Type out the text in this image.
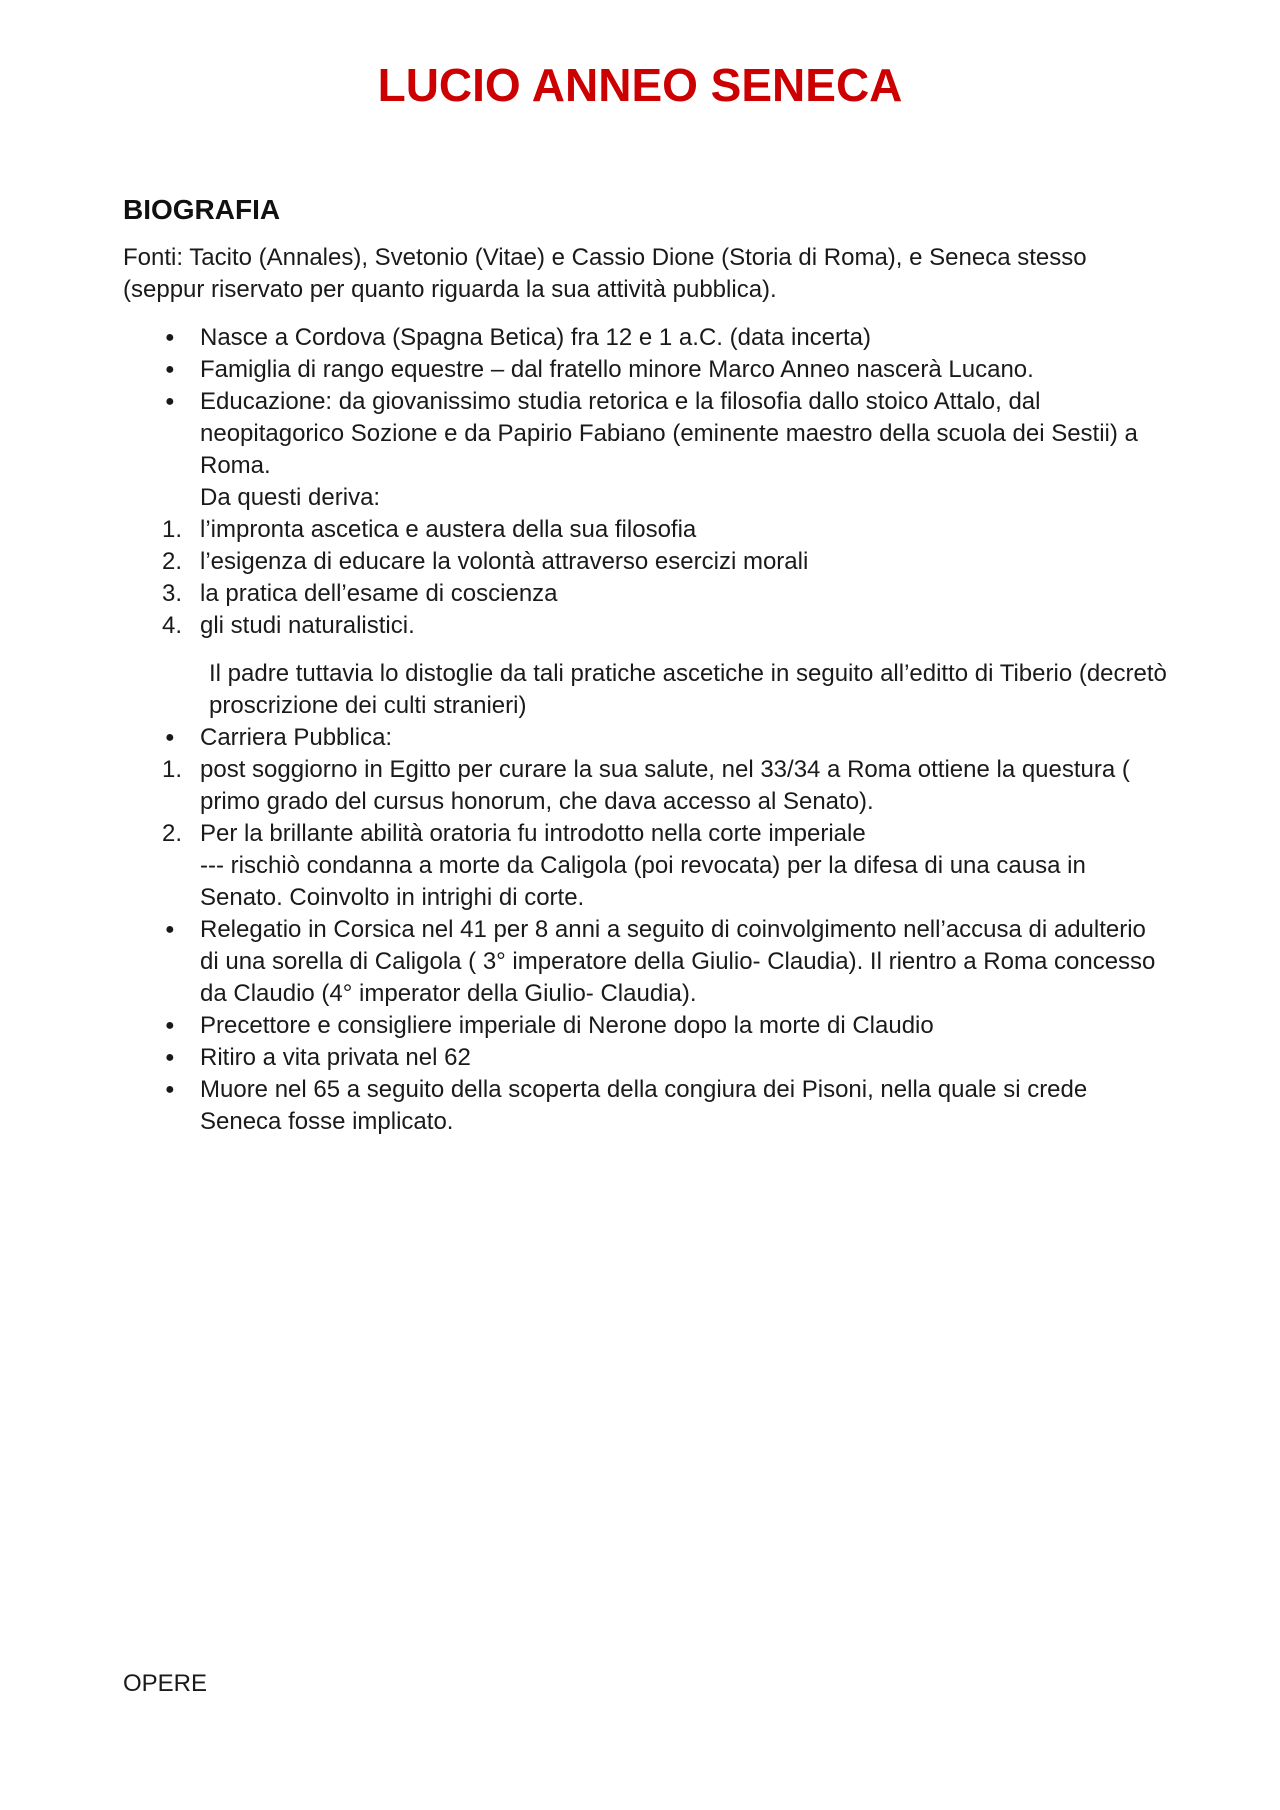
LUCIO ANNEO SENECA
BIOGRAFIA

Fonti: Tacito (Annales), Svetonio (Vitae) e Cassio Dione (Storia di Roma), e Seneca stesso (seppur riservato per quanto riguarda la sua attività pubblica).

● Nasce a Cordova (Spagna Betica) fra 12 e 1 a.C. (data incerta)
● Famiglia di rango equestre – dal fratello minore Marco Anneo nascerà Lucano.
● Educazione: da giovanissimo studia retorica e la filosofia dallo stoico Attalo, dal neopitagorico Sozione e da Papirio Fabiano (eminente maestro della scuola dei Sestii) a Roma.
Da questi deriva:
1. l’impronta ascetica e austera della sua filosofia
2. l’esigenza di educare la volontà attraverso esercizi morali
3. la pratica dell’esame di coscienza
4. gli studi naturalistici.

Il padre tuttavia lo distoglie da tali pratiche ascetiche in seguito all’editto di Tiberio (decretò proscrizione dei culti stranieri)

● Carriera Pubblica:
1. post soggiorno in Egitto per curare la sua salute, nel 33/34 a Roma ottiene la questura ( primo grado del cursus honorum, che dava accesso al Senato).
2. Per la brillante abilità oratoria fu introdotto nella corte imperiale
--- rischiò condanna a morte da Caligola (poi revocata) per la difesa di una causa in Senato. Coinvolto in intrighi di corte.
● Relegatio in Corsica nel 41 per 8 anni a seguito di coinvolgimento nell’accusa di adulterio di una sorella di Caligola ( 3° imperatore della Giulio- Claudia). Il rientro a Roma concesso da Claudio (4° imperator della Giulio- Claudia).
● Precettore e consigliere imperiale di Nerone dopo la morte di Claudio
● Ritiro a vita privata nel 62
● Muore nel 65 a seguito della scoperta della congiura dei Pisoni, nella quale si crede Seneca fosse implicato.
OPERE
